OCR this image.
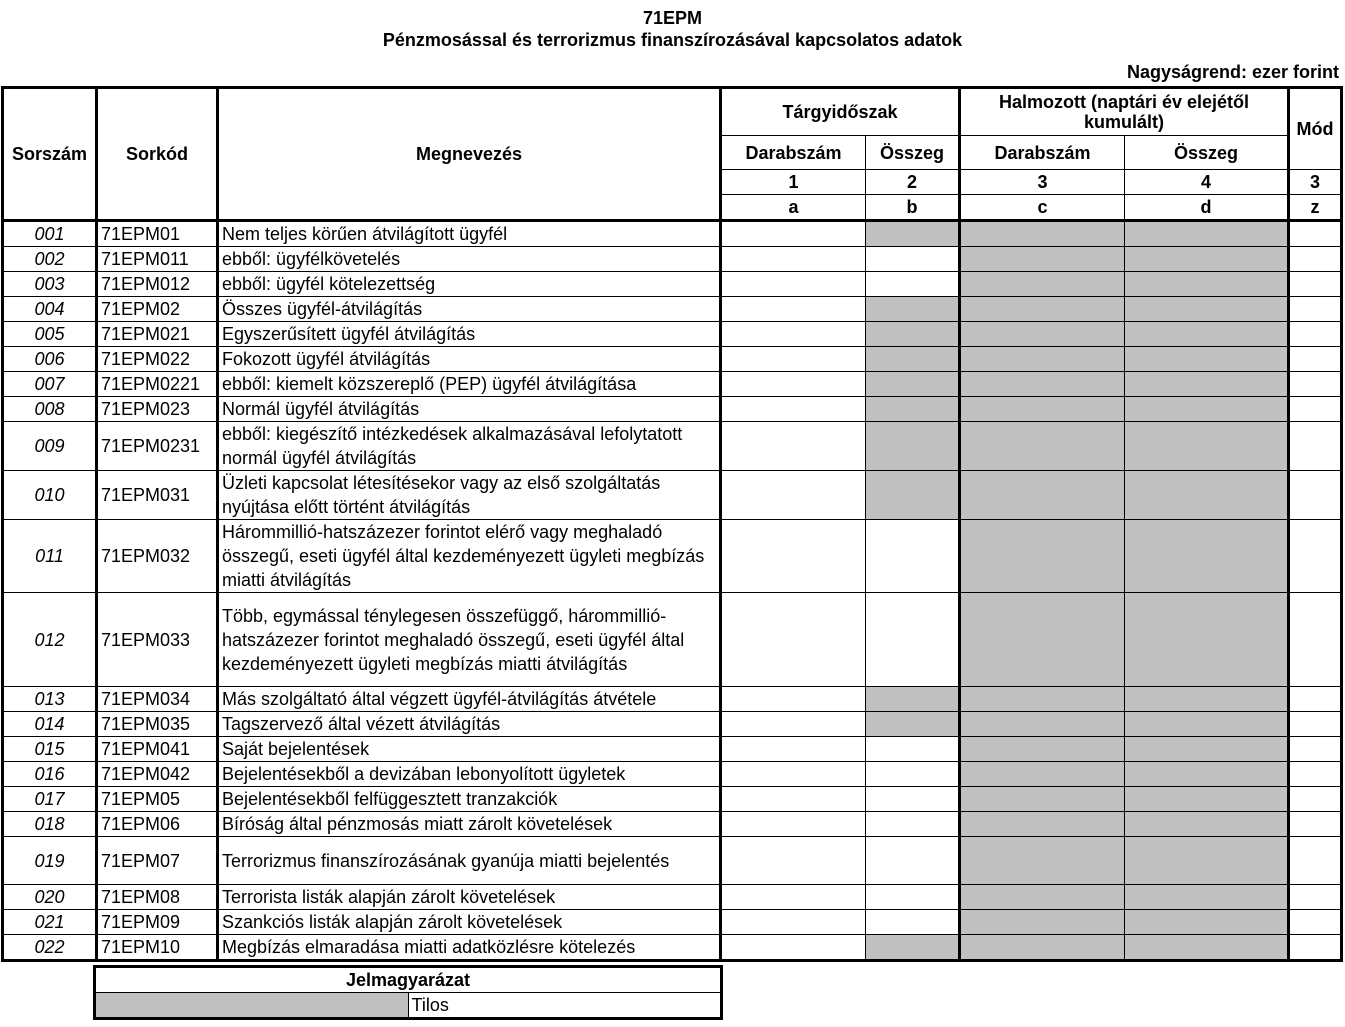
71EPM
Pénzmosással és terrorizmus finanszírozásával kapcsolatos adatok
Nagyságrend: ezer forint
Sorszám	Sorkód	Megnevezés	Tárgyidőszak		Halmozott (naptári év elejétől kumulált)		Mód
			Darabszám	Összeg	Darabszám	Összeg	
			1	2	3	4	3
			a	b	c	d	z
001	71EPM01	Nem teljes körűen átvilágított ügyfél					
002	71EPM011	ebből: ügyfélkövetelés					
003	71EPM012	ebből: ügyfél kötelezettség					
004	71EPM02	Összes ügyfél-átvilágítás					
005	71EPM021	Egyszerűsített ügyfél átvilágítás					
006	71EPM022	Fokozott ügyfél átvilágítás					
007	71EPM0221	ebből: kiemelt közszereplő (PEP) ügyfél átvilágítása					
008	71EPM023	Normál ügyfél átvilágítás					
009	71EPM0231	ebből: kiegészítő intézkedések alkalmazásával lefolytatott normál ügyfél átvilágítás					
010	71EPM031	Üzleti kapcsolat létesítésekor vagy az első szolgáltatás nyújtása előtt történt átvilágítás					
011	71EPM032	Hárommillió-hatszázezer forintot elérő vagy meghaladó összegű, eseti ügyfél által kezdeményezett ügyleti megbízás miatti átvilágítás					
012	71EPM033	Több, egymással ténylegesen összefüggő, hárommillió-hatszázezer forintot meghaladó összegű, eseti ügyfél által kezdeményezett ügyleti megbízás miatti átvilágítás					
013	71EPM034	Más szolgáltató által végzett ügyfél-átvilágítás átvétele					
014	71EPM035	Tagszervező által vézett átvilágítás					
015	71EPM041	Saját bejelentések					
016	71EPM042	Bejelentésekből a devizában lebonyolított ügyletek					
017	71EPM05	Bejelentésekből felfüggesztett tranzakciók					
018	71EPM06	Bíróság által pénzmosás miatt zárolt követelések					
019	71EPM07	Terrorizmus finanszírozásának gyanúja miatti bejelentés					
020	71EPM08	Terrorista listák alapján zárolt követelések					
021	71EPM09	Szankciós listák alapján zárolt követelések					
022	71EPM10	Megbízás elmaradása miatti adatközlésre kötelezés					
Jelmagyarázat
	Tilos
